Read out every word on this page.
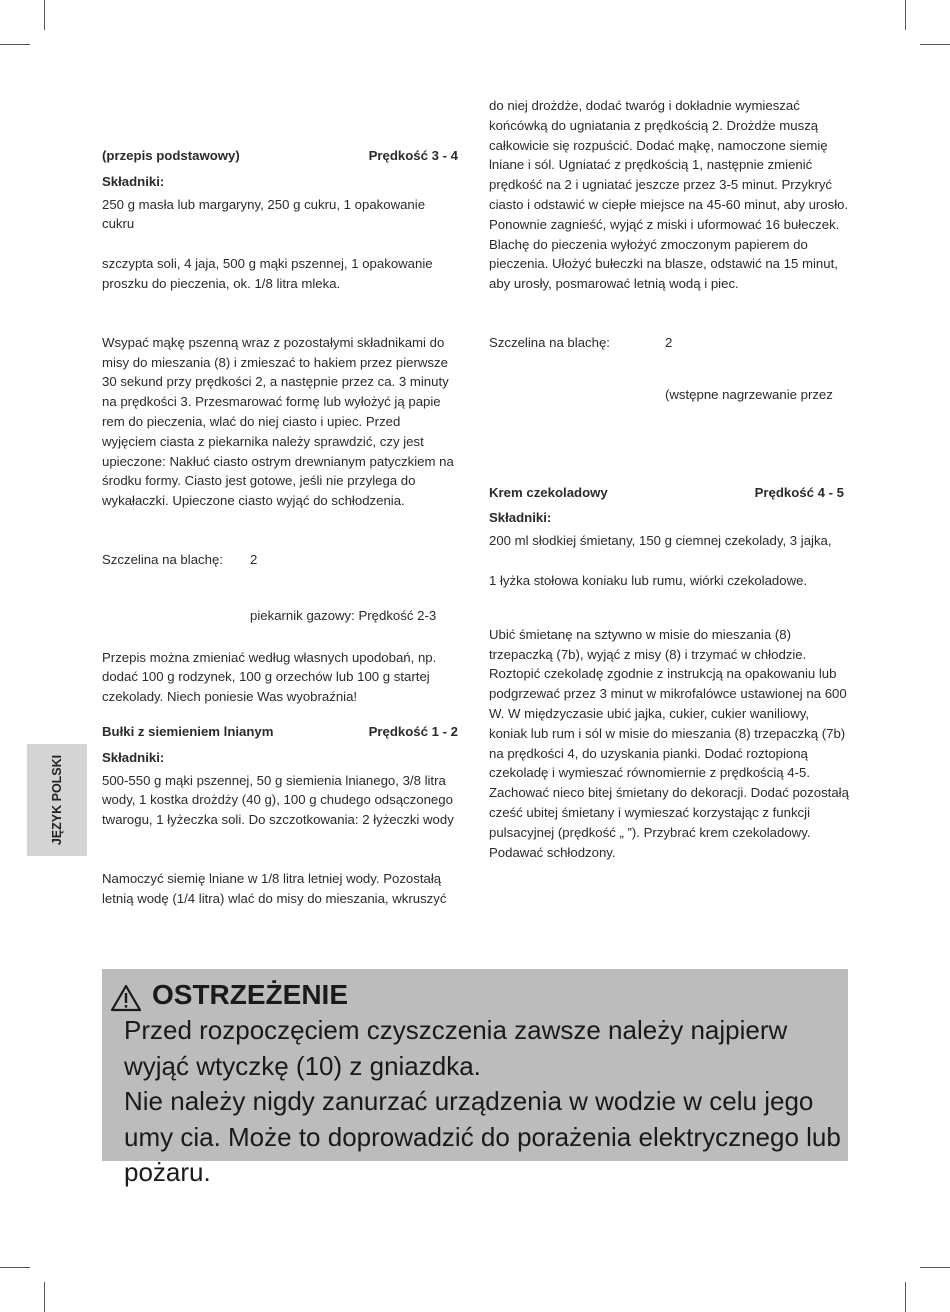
(przepis podstawowy)	Prędkość 3 - 4

Składniki:

250 g masła lub margaryny, 250 g cukru, 1 opakowanie cukru

szczypta soli, 4 jaja, 500 g mąki pszennej, 1 opakowanie proszku do pieczenia, ok. 1/8 litra mleka.

Wsypać mąkę pszenną wraz z pozostałymi składnikami do misy do mieszania (8) i zmieszać to hakiem przez pierwsze 30 sekund przy prędkości 2, a następnie przez ca. 3 minuty na prędkości 3. Przesmarować formę lub wyłożyć ją papie rem do pieczenia, wlać do niej ciasto i upiec. Przed wyjęciem ciasta z piekarnika należy sprawdzić, czy jest upieczone: Nakłuć ciasto ostrym drewnianym patyczkiem na środku formy. Ciasto jest gotowe, jeśli nie przylega do wykałaczki. Upieczone ciasto wyjąć do schłodzenia.

Szczelina na blachę:	2

piekarnik gazowy: Prędkość 2-3

Przepis można zmieniać według własnych upodobań, np. dodać 100 g rodzynek, 100 g orzechów lub 100 g startej czekolady. Niech poniesie Was wyobraźnia!

Bułki z siemieniem lnianym	Prędkość 1 - 2

Składniki:

500-550 g mąki pszennej, 50 g siemienia lnianego, 3/8 litra wody, 1 kostka drożdży (40 g), 100 g chudego odsączonego twarogu, 1 łyżeczka soli. Do szczotkowania: 2 łyżeczki wody

Namoczyć siemię lniane w 1/8 litra letniej wody. Pozostałą letnią wodę (1/4 litra) wlać do misy do mieszania, wkruszyć

do niej drożdże, dodać twaróg i dokładnie wymieszać końcówką do ugniatania z prędkością 2. Drożdże muszą całkowicie się rozpuścić. Dodać mąkę, namoczone siemię lniane i sól. Ugniatać z prędkością 1, następnie zmienić prędkość na 2 i ugniatać jeszcze przez 3-5 minut. Przykryć ciasto i odstawić w ciepłe miejsce na 45-60 minut, aby urosło. Ponownie zagnieść, wyjąć z miski i uformować 16 bułeczek. Blachę do pieczenia wyłożyć zmoczonym papierem do pieczenia. Ułożyć bułeczki na blasze, odstawić na 15 minut, aby urosły, posmarować letnią wodą i piec.

Szczelina na blachę:	2

(wstępne nagrzewanie przez

Krem czekoladowy	Prędkość 4 - 5

Składniki:

200 ml słodkiej śmietany, 150 g ciemnej czekolady, 3 jajka,

1 łyżka stołowa koniaku lub rumu, wiórki czekoladowe.

Ubić śmietanę na sztywno w misie do mieszania (8) trzepaczką (7b), wyjąć z misy (8) i trzymać w chłodzie. Roztopić czekoladę zgodnie z instrukcją na opakowaniu lub podgrzewać przez 3 minut w mikrofalówce ustawionej na 600 W. W międzyczasie ubić jajka, cukier, cukier waniliowy, koniak lub rum i sól w misie do mieszania (8) trzepaczką (7b) na prędkości 4, do uzyskania pianki. Dodać roztopioną czekoladę i wymieszać równomiernie z prędkością 4-5. Zachować nieco bitej śmietany do dekoracji. Dodać pozostałą cześć ubitej śmietany i wymieszać korzystając z funkcji pulsacyjnej (prędkość „ ”). Przybrać krem czekoladowy. Podawać schłodzony.

JĘZYK POLSKI
OSTRZEŻENIE

Przed rozpoczęciem czyszczenia zawsze należy najpierw wyjąć wtyczkę (10) z gniazdka.

Nie należy nigdy zanurzać urządzenia w wodzie w celu jego umy cia. Może to doprowadzić do porażenia elektrycznego lub pożaru.
